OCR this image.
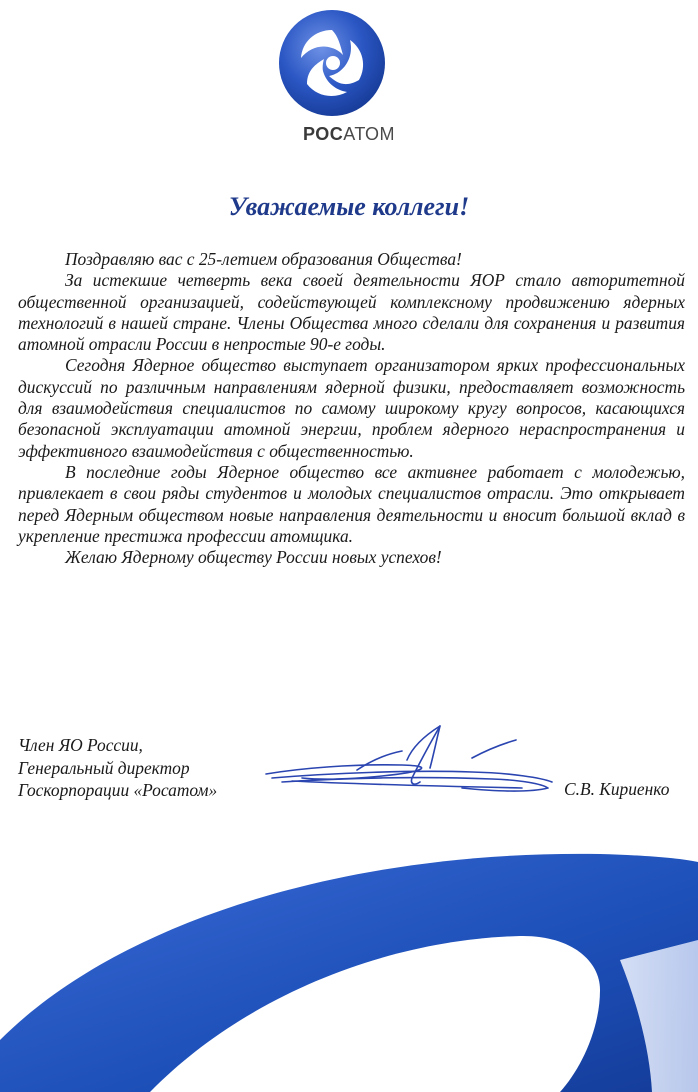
РОСАТОМ
Уважаемые коллеги!

Поздравляю вас с 25-летием образования Общества!

За истекшие четверть века своей деятельности ЯОР стало авторитетной общественной организацией, содействующей комплексному продвижению ядерных технологий в нашей стране. Члены Общества много сделали для сохранения и развития атомной отрасли России в непростые 90-е годы.

Сегодня Ядерное общество выступает организатором ярких профессиональных дискуссий по различным направлениям ядерной физики, предоставляет возможность для взаимодействия специалистов по самому широкому кругу вопросов, касающихся безопасной эксплуатации атомной энергии, проблем ядерного нераспространения и эффективного взаимодействия с общественностью.

В последние годы Ядерное общество все активнее работает с молодежью, привлекает в свои ряды студентов и молодых специалистов отрасли. Это открывает перед Ядерным обществом новые направления деятельности и вносит большой вклад в укрепление престижа профессии атомщика.

Желаю Ядерному обществу России новых успехов!

Член ЯО России,
Генеральный директор
Госкорпорации «Росатом»	С.В. Кириенко
